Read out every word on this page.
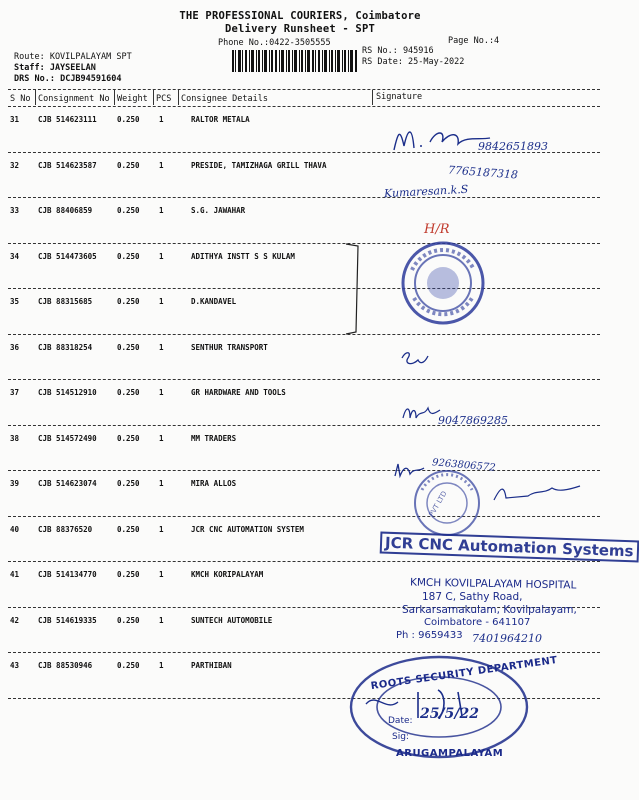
THE PROFESSIONAL COURIERS, Coimbatore
Delivery Runsheet - SPT
Phone No.:0422-3505555	Page No.:4
Route: KOVILPALAYAM SPT
Staff: JAYSEELAN
DRS No.: DCJB94591604
RS No.: 945916
RS Date: 25-May-2022
S No Consignment No Weight PCS Consignee Details	Signature
31	CJB 514623111	0.250	1	RALTOR METALA
32	CJB 514623587	0.250	1	PRESIDE, TAMIZHAGA GRILL THAVA
33	CJB 88406859	0.250	1	S.G. JAWAHAR
34	CJB 514473605	0.250	1	ADITHYA INSTT S S KULAM
35	CJB 88315685	0.250	1	D.KANDAVEL
36	CJB 88318254	0.250	1	SENTHUR TRANSPORT
37	CJB 514512910	0.250	1	GR HARDWARE AND TOOLS
38	CJB 514572490	0.250	1	MM TRADERS
39	CJB 514623074	0.250	1	MIRA ALLOS
40	CJB 88376520	0.250	1	JCR CNC AUTOMATION SYSTEM
41	CJB 514134770	0.250	1	KMCH KORIPALAYAM
42	CJB 514619335	0.250	1	SUNTECH AUTOMOBILE
43	CJB 88530946	0.250	1	PARTHIBAN
9842651893
7765187318
Kumaresan.k.S
H/R
9047869285
9263806572
PVT LTD
JCR CNC Automation Systems
KMCH KOVILPALAYAM HOSPITAL
187 C, Sathy Road,
Sarkarsamakulam, Kovilpalayam,
Coimbatore - 641107
Ph : 9659433 7401964210
ROOTS SECURITY DEPARTMENT
Date: 25/5/22
Sig:
ARUGAMPALAYAM
